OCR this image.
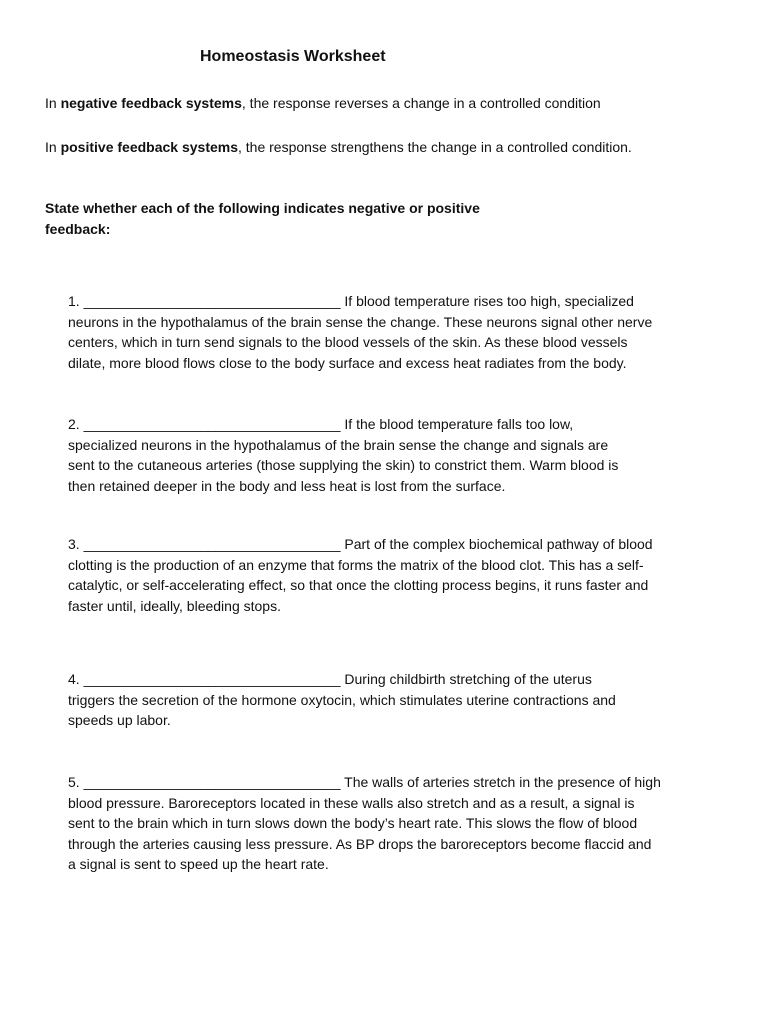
Homeostasis Worksheet
In negative feedback systems, the response reverses a change in a controlled condition
In positive feedback systems, the response strengthens the change in a controlled condition.
State whether each of the following indicates negative or positive
feedback:
1. _________________________________ If blood temperature rises too high, specialized
neurons in the hypothalamus of the brain sense the change. These neurons signal other nerve
centers, which in turn send signals to the blood vessels of the skin. As these blood vessels
dilate, more blood flows close to the body surface and excess heat radiates from the body.
2. _________________________________ If the blood temperature falls too low,
specialized neurons in the hypothalamus of the brain sense the change and signals are
sent to the cutaneous arteries (those supplying the skin) to constrict them. Warm blood is
then retained deeper in the body and less heat is lost from the surface.
3. _________________________________ Part of the complex biochemical pathway of blood
clotting is the production of an enzyme that forms the matrix of the blood clot. This has a self-
catalytic, or self-accelerating effect, so that once the clotting process begins, it runs faster and
faster until, ideally, bleeding stops.
4. _________________________________ During childbirth stretching of the uterus
triggers the secretion of the hormone oxytocin, which stimulates uterine contractions and
speeds up labor.
5. _________________________________ The walls of arteries stretch in the presence of high
blood pressure. Baroreceptors located in these walls also stretch and as a result, a signal is
sent to the brain which in turn slows down the body’s heart rate. This slows the flow of blood
through the arteries causing less pressure. As BP drops the baroreceptors become flaccid and
a signal is sent to speed up the heart rate.
